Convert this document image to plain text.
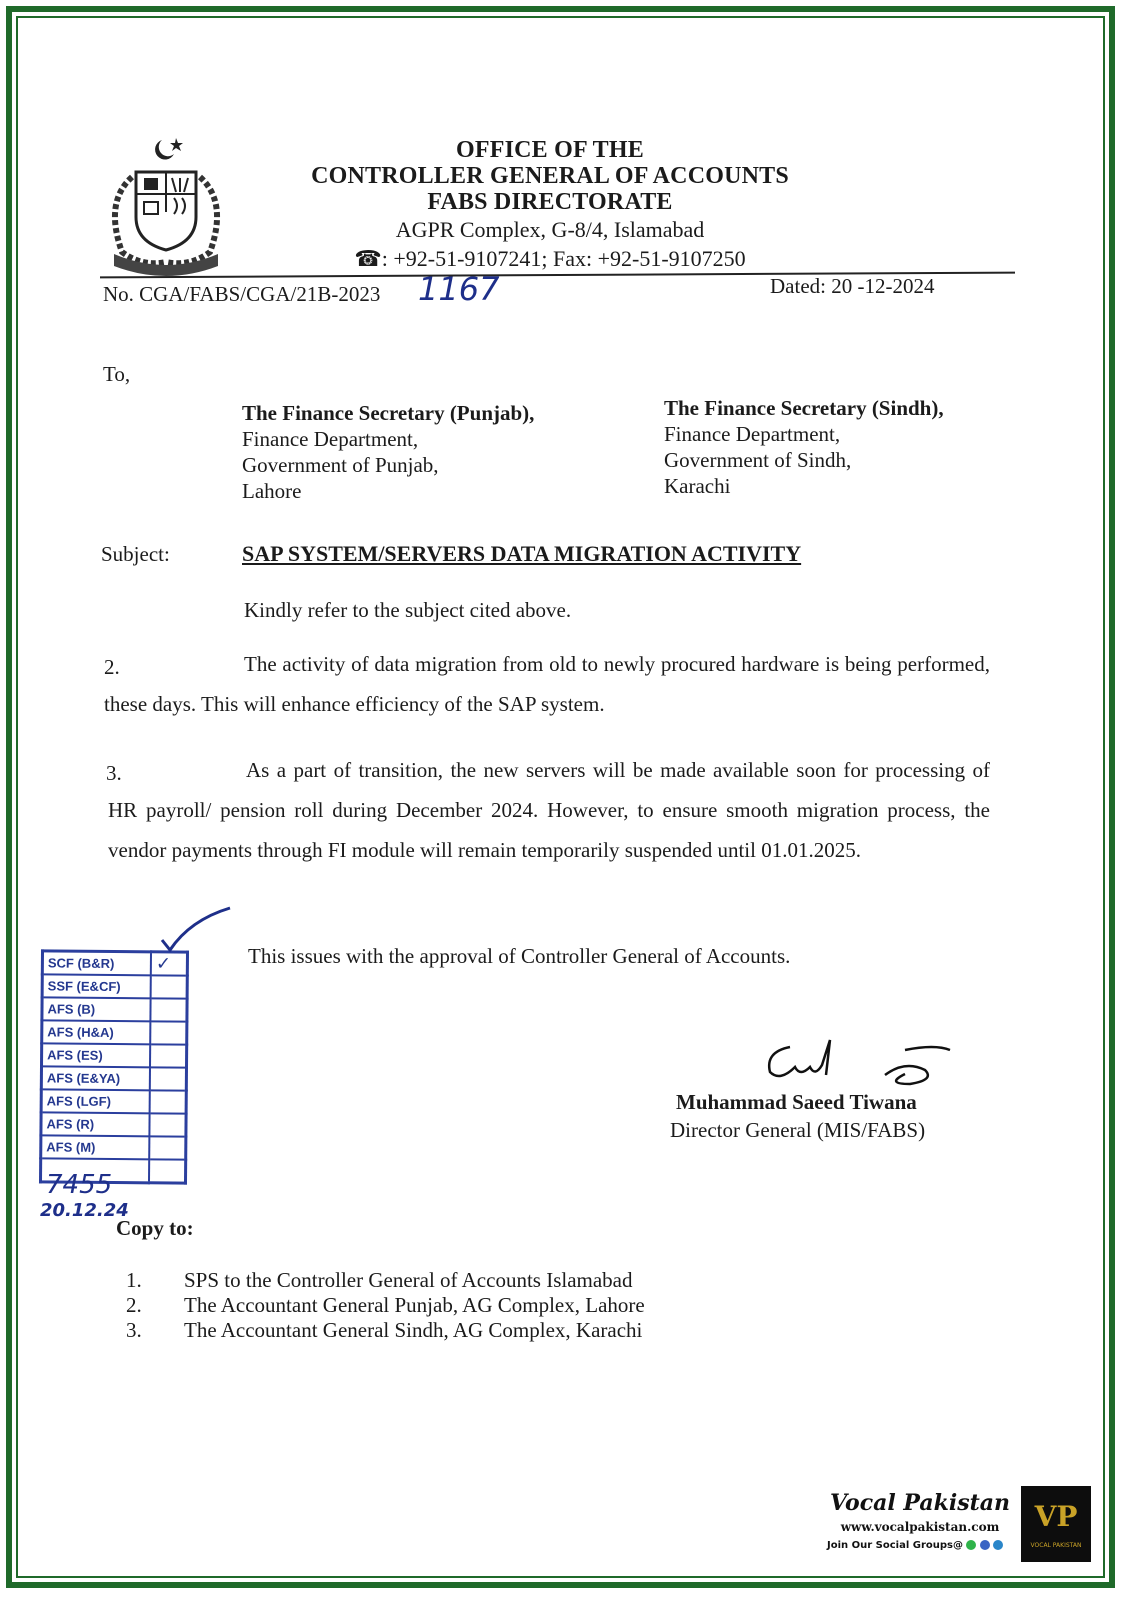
OFFICE OF THE
CONTROLLER GENERAL OF ACCOUNTS
FABS DIRECTORATE
AGPR Complex, G-8/4, Islamabad
☎: +92-51-9107241; Fax: +92-51-9107250
No. CGA/FABS/CGA/21B-2023 1167	Dated: 20 -12-2024
To,
The Finance Secretary (Punjab),
Finance Department,
Government of Punjab,
Lahore
The Finance Secretary (Sindh),
Finance Department,
Government of Sindh,
Karachi
Subject:	SAP SYSTEM/SERVERS DATA MIGRATION ACTIVITY
Kindly refer to the subject cited above.
2.	The activity of data migration from old to newly procured hardware is being performed, these days. This will enhance efficiency of the SAP system.
3.	As a part of transition, the new servers will be made available soon for processing of HR payroll/ pension roll during December 2024. However, to ensure smooth migration process, the vendor payments through FI module will remain temporarily suspended until 01.01.2025.
This issues with the approval of Controller General of Accounts.
SCF (B&R)	✓
SSF (E&CF)	
AFS (B)	
AFS (H&A)	
AFS (ES)	
AFS (E&YA)	
AFS (LGF)	
AFS (R)	
AFS (M)	

7455
20.12.24
Muhammad Saeed Tiwana
Director General (MIS/FABS)
Copy to:
1. SPS to the Controller General of Accounts Islamabad
2. The Accountant General Punjab, AG Complex, Lahore
3. The Accountant General Sindh, AG Complex, Karachi
Vocal Pakistan
www.vocalpakistan.com
Join Our Social Groups@
VP
VOCAL PAKISTAN
